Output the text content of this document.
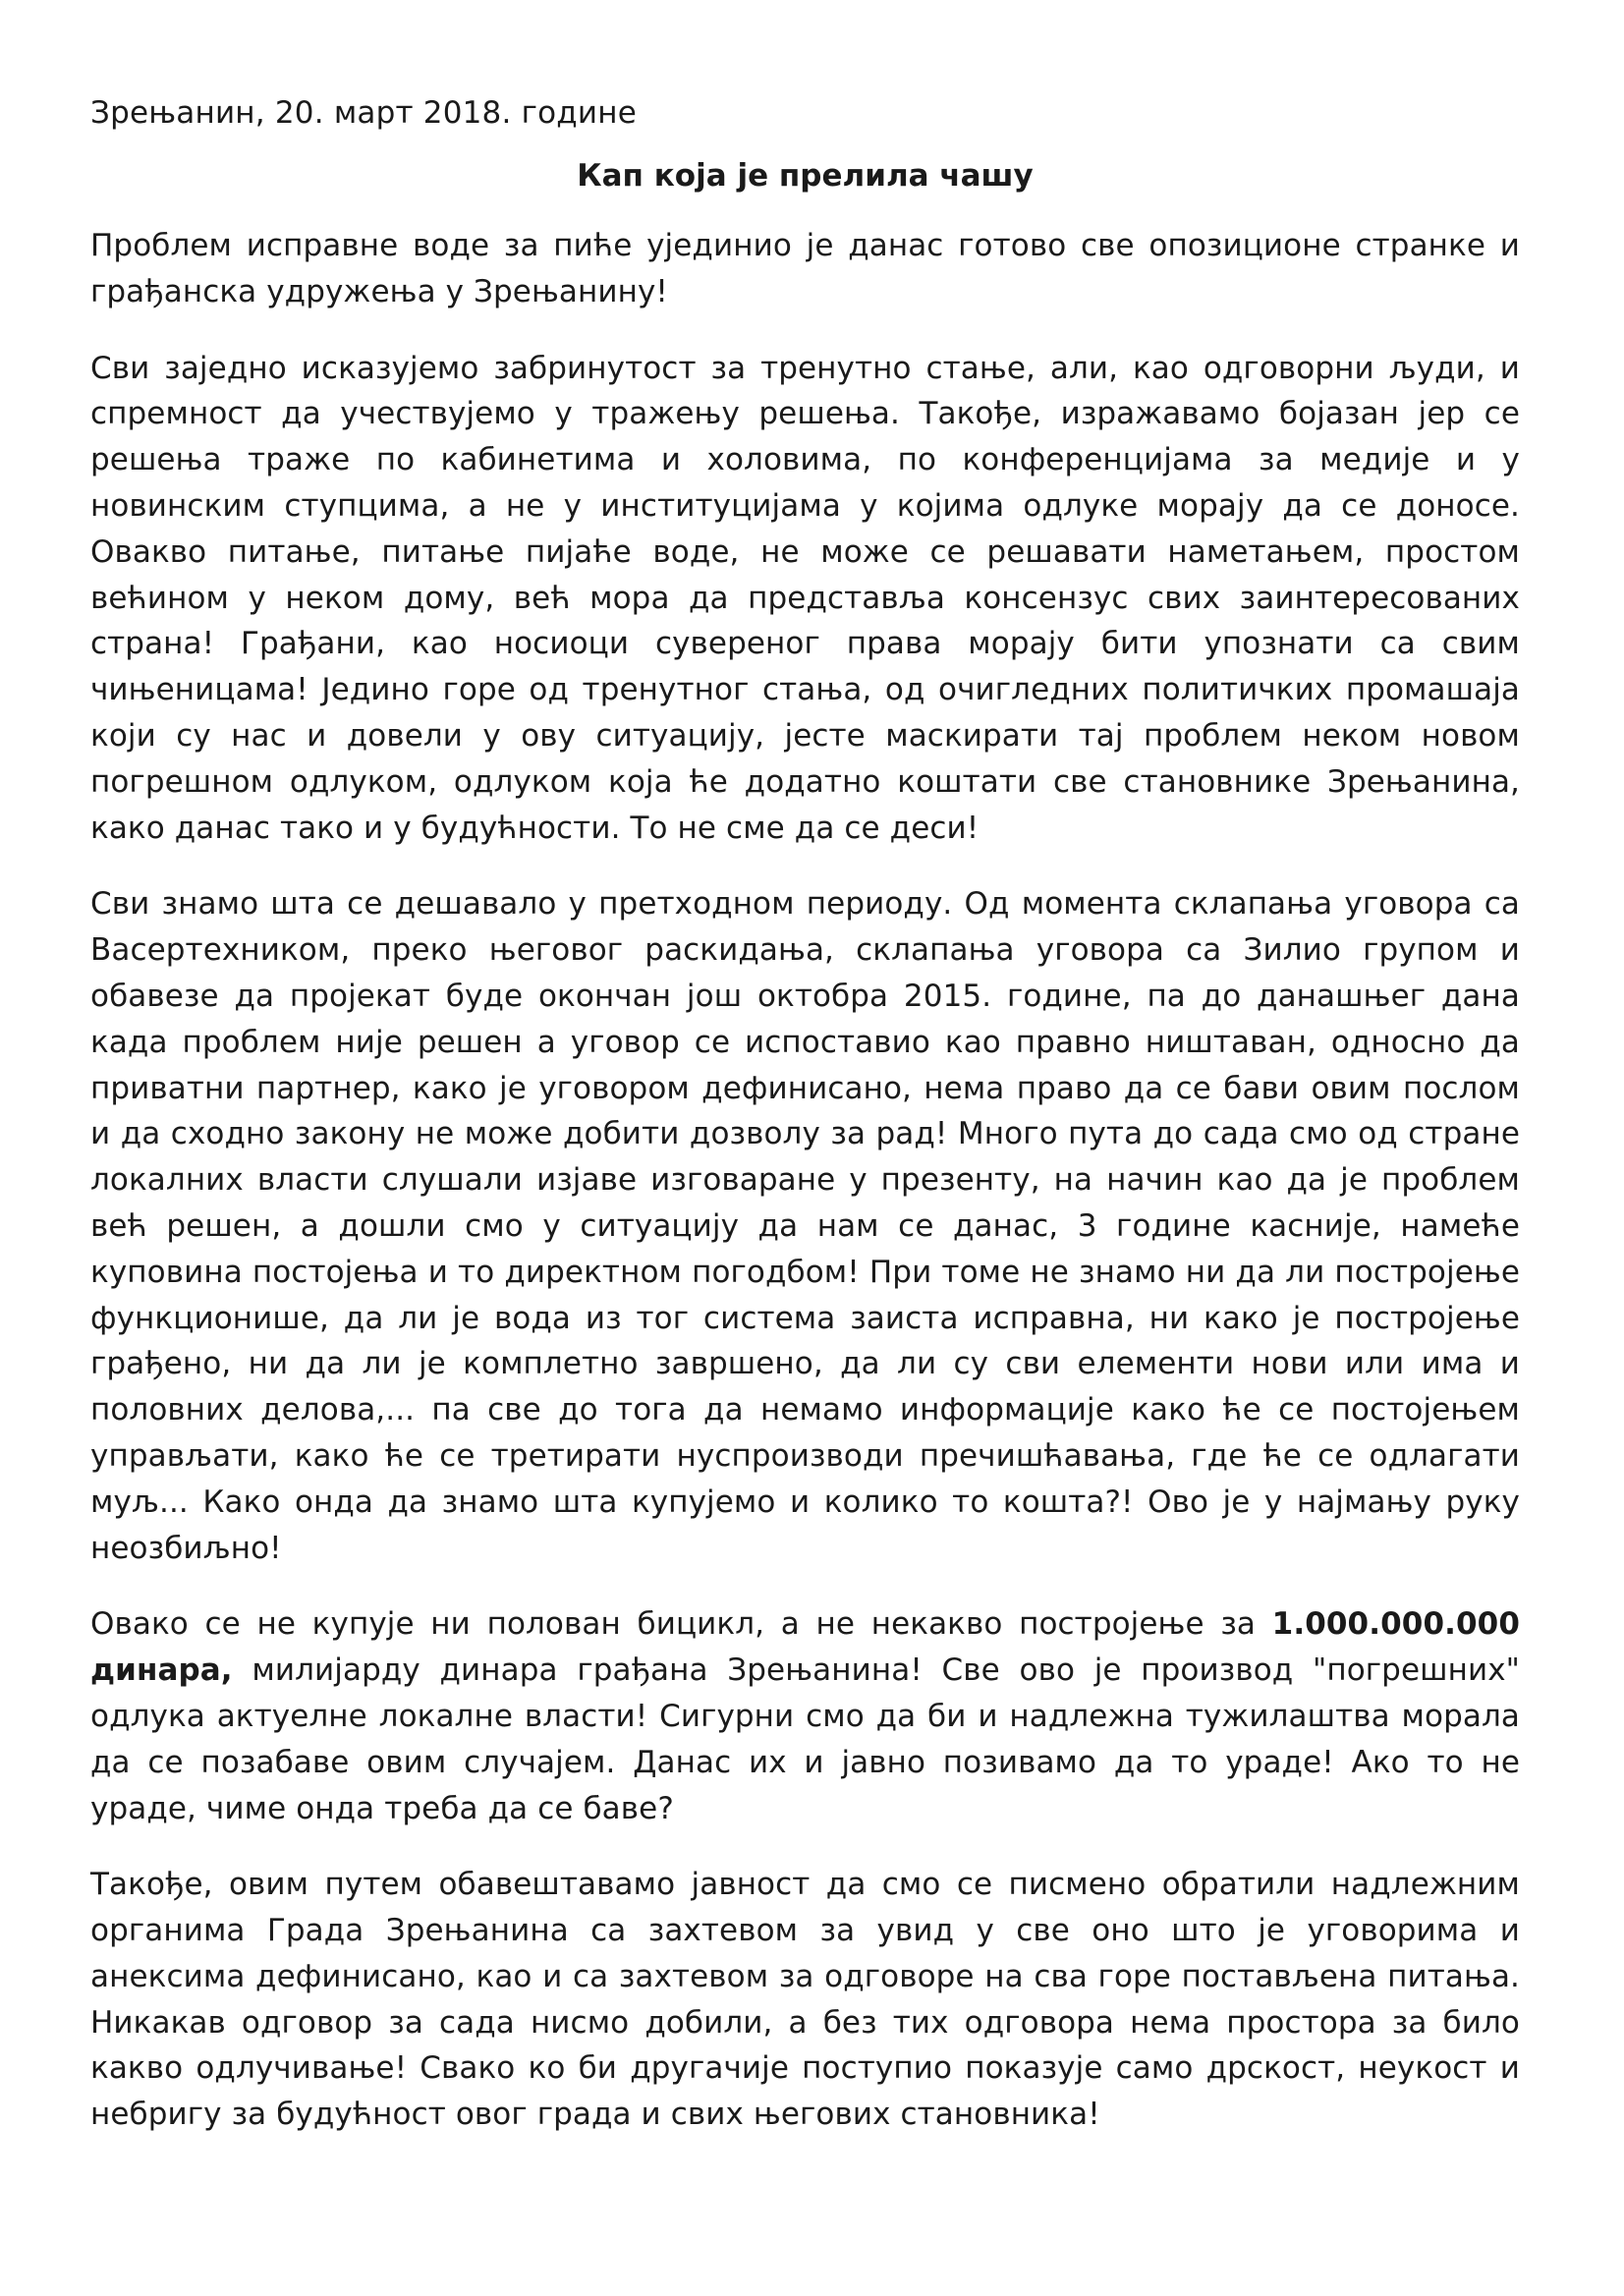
Зрењанин, 20. март 2018. године

Кап која је прелила чашу

Проблем исправне воде за пиће ујединио је данас готово све опозиционе странке и грађанска удружења у Зрењанину!

Сви заједно исказујемо забринутост за тренутно стање, али, као одговорни људи, и спремност да учествујемо у тражењу решења. Такође, изражавамо бојазан јер се решења траже по кабинетима и холовима, по конференцијама за медије и у новинским ступцима, а не у институцијама у којима одлуке морају да се доносе. Овакво питање, питање пијаће воде, не може се решавати наметањем, простом већином у неком дому, већ мора да представља консензус свих заинтересованих страна! Грађани, као носиоци сувереног права морају бити упознати са свим чињеницама! Једино горе од тренутног стања, од очигледних политичких промашаја који су нас и довели у ову ситуацију, јесте маскирати тај проблем неком новом погрешном одлуком, одлуком која ће додатно коштати све становнике Зрењанина, како данас тако и у будућности. То не сме да се деси!

Сви знамо шта се дешавало у претходном периоду. Од момента склапања уговора са Васертехником, преко његовог раскидања, склапања уговора са Зилио групом и обавезе да пројекат буде окончан још октобра 2015. године, па до данашњег дана када проблем није решен а уговор се испоставио као правно ништаван, односно да приватни партнер, како је уговором дефинисано, нема право да се бави овим послом и да сходно закону не може добити дозволу за рад! Много пута до сада смо од стране локалних власти слушали изјаве изговаране у презенту, на начин као да је проблем већ решен, а дошли смо у ситуацију да нам се данас, 3 године касније, намеће куповина постојења и то директном погодбом! При томе не знамо ни да ли постројење функционише, да ли је вода из тог система заиста исправна, ни како је постројење грађено, ни да ли је комплетно завршено, да ли су сви елементи нови или има и половних делова,... па све до тога да немамо информације како ће се постојењем управљати, како ће се третирати нуспроизводи пречишћавања, где ће се одлагати муљ... Како онда да знамо шта купујемо и колико то кошта?! Ово је у најмању руку неозбиљно!

Овако се не купује ни полован бицикл, а не некакво постројење за 1.000.000.000 динара, милијарду динара грађана Зрењанина! Све ово је производ "погрешних" одлука актуелне локалне власти! Сигурни смо да би и надлежна тужилаштва морала да се позабаве овим случајем. Данас их и јавно позивамо да то ураде! Ако то не ураде, чиме онда треба да се баве?

Такође, овим путем обавештавамо јавност да смо се писмено обратили надлежним органима Града Зрењанина са захтевом за увид у све оно што је уговорима и анексима дефинисано, као и са захтевом за одговоре на сва горе постављена питања. Никакав одговор за сада нисмо добили, а без тих одговора нема простора за било какво одлучивање! Свако ко би другачије поступио показује само дрскост, неукост и небригу за будућност овог града и свих његових становника!
